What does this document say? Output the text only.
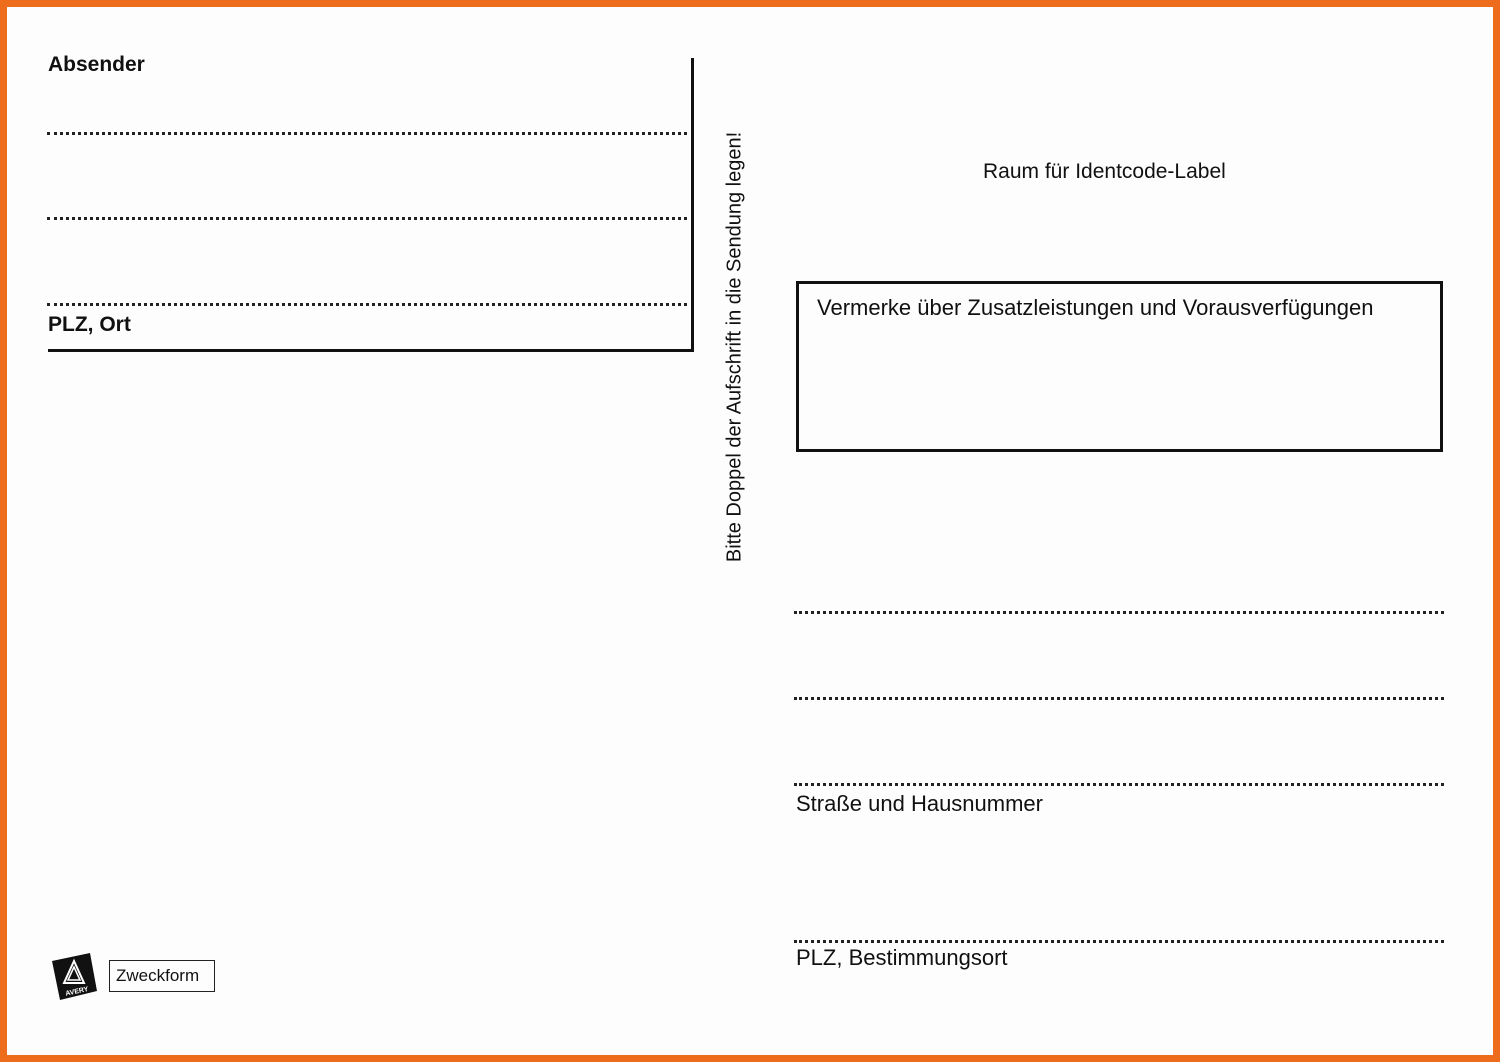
Absender
PLZ, Ort	Bitte Doppel der Aufschrift in die Sendung legen!	Raum für Identcode-Label
Vermerke über Zusatzleistungen und Vorausverfügungen
Straße und Hausnummer
PLZ, Bestimmungsort
AVERY
Zweckform
